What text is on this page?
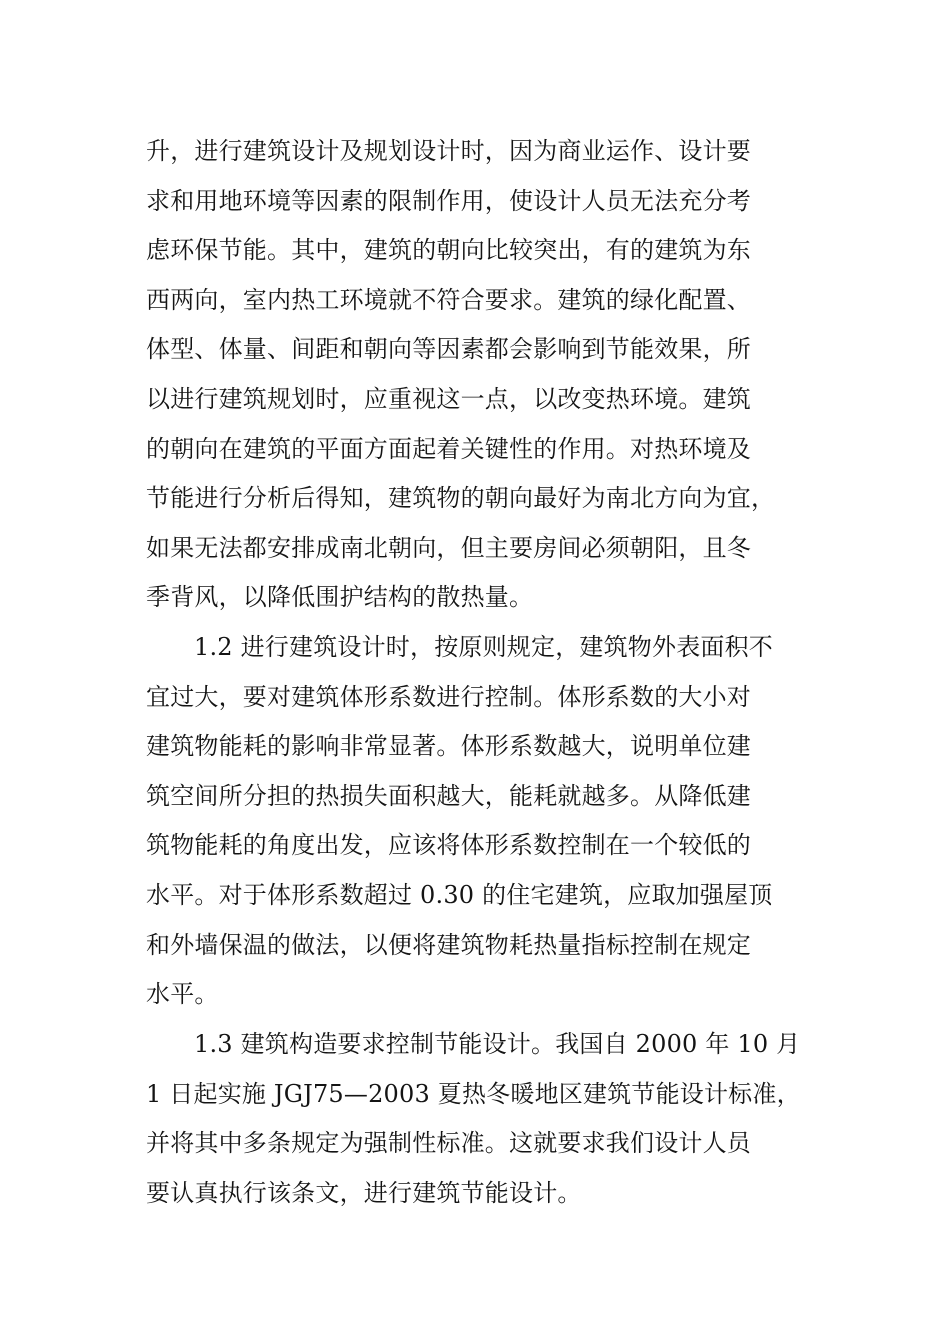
升，进行建筑设计及规划设计时，因为商业运作、设计要
求和用地环境等因素的限制作用，使设计人员无法充分考
虑环保节能。其中，建筑的朝向比较突出，有的建筑为东
西两向，室内热工环境就不符合要求。建筑的绿化配置、
体型、体量、间距和朝向等因素都会影响到节能效果，所
以进行建筑规划时，应重视这一点，以改变热环境。建筑
的朝向在建筑的平面方面起着关键性的作用。对热环境及
节能进行分析后得知，建筑物的朝向最好为南北方向为宜，
如果无法都安排成南北朝向，但主要房间必须朝阳，且冬
季背风，以降低围护结构的散热量。
1.2 进行建筑设计时，按原则规定，建筑物外表面积不
宜过大，要对建筑体形系数进行控制。体形系数的大小对
建筑物能耗的影响非常显著。体形系数越大，说明单位建
筑空间所分担的热损失面积越大，能耗就越多。从降低建
筑物能耗的角度出发，应该将体形系数控制在一个较低的
水平。对于体形系数超过 0.30 的住宅建筑，应取加强屋顶
和外墙保温的做法，以便将建筑物耗热量指标控制在规定
水平。
1.3 建筑构造要求控制节能设计。我国自 2000 年 10 月
1 日起实施 JGJ75—2003 夏热冬暖地区建筑节能设计标准，
并将其中多条规定为强制性标准。这就要求我们设计人员
要认真执行该条文，进行建筑节能设计。
